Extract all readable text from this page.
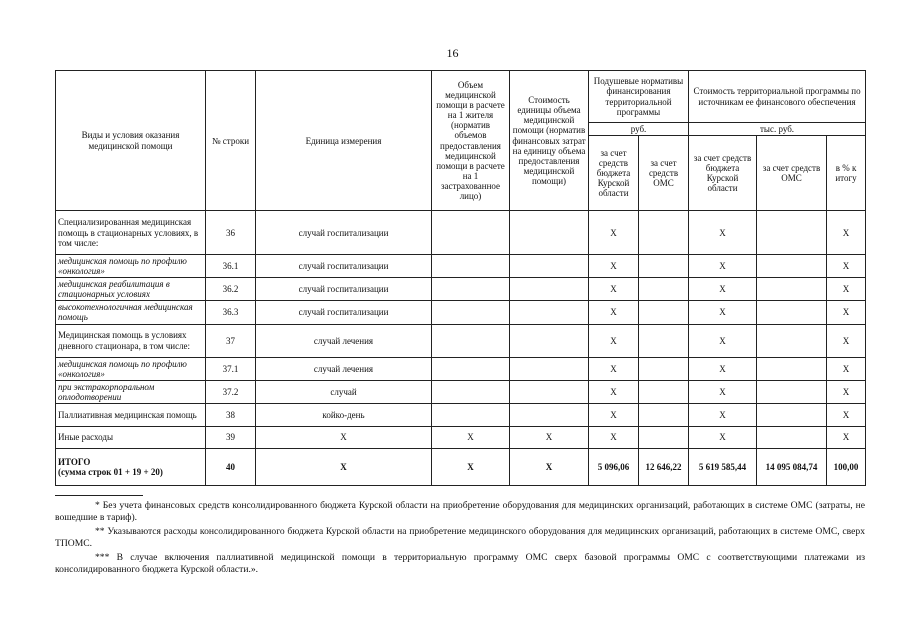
16
Виды и условия оказания медицинской помощи	№ строки	Единица измерения	Объем медицинской помощи в расчете на 1 жителя (норматив объемов предоставления медицинской помощи в расчете на 1 застрахованное лицо)	Стоимость единицы объема медицинской помощи (норматив финансовых затрат на единицу объема предоставления медицинской помощи)	Подушевые нормативы финансирования территориальной программы		Стоимость территориальной программы по источникам ее финансового обеспечения		
					руб.		тыс. руб.		
					за счет средств бюджета Курской области	за счет средств ОМС	за счет средств бюджета Курской области	за счет средств ОМС	в % к итогу
Специализированная медицинская помощь в стационарных условиях, в том числе:	36	случай госпитализации			X		X		X
медицинская помощь по профилю «онкология»	36.1	случай госпитализации			X		X		X
медицинская реабилитация в стационарных условиях	36.2	случай госпитализации			X		X		X
высокотехнологичная медицинская помощь	36.3	случай госпитализации			X		X		X
Медицинская помощь в условиях дневного стационара, в том числе:	37	случай лечения			X		X		X
медицинская помощь по профилю «онкология»	37.1	случай лечения			X		X		X
при экстракорпоральном оплодотворении	37.2	случай			X		X		X
Паллиативная медицинская помощь	38	койко-день			X		X		X
Иные расходы	39	X	X	X	X		X		X

ИТОГО
(сумма строк 01 + 19 + 20)	40	X	X	X	5 096,06	12 646,22	5 619 585,44	14 095 084,74	100,00

* Без учета финансовых средств консолидированного бюджета Курской области на приобретение оборудования для медицинских организаций, работающих в системе ОМС (затраты, не вошедшие в тариф).

** Указываются расходы консолидированного бюджета Курской области на приобретение медицинского оборудования для медицинских организаций, работающих в системе ОМС, сверх ТПОМС.

*** В случае включения паллиативной медицинской помощи в территориальную программу ОМС сверх базовой программы ОМС с соответствующими платежами из консолидированного бюджета Курской области.».
